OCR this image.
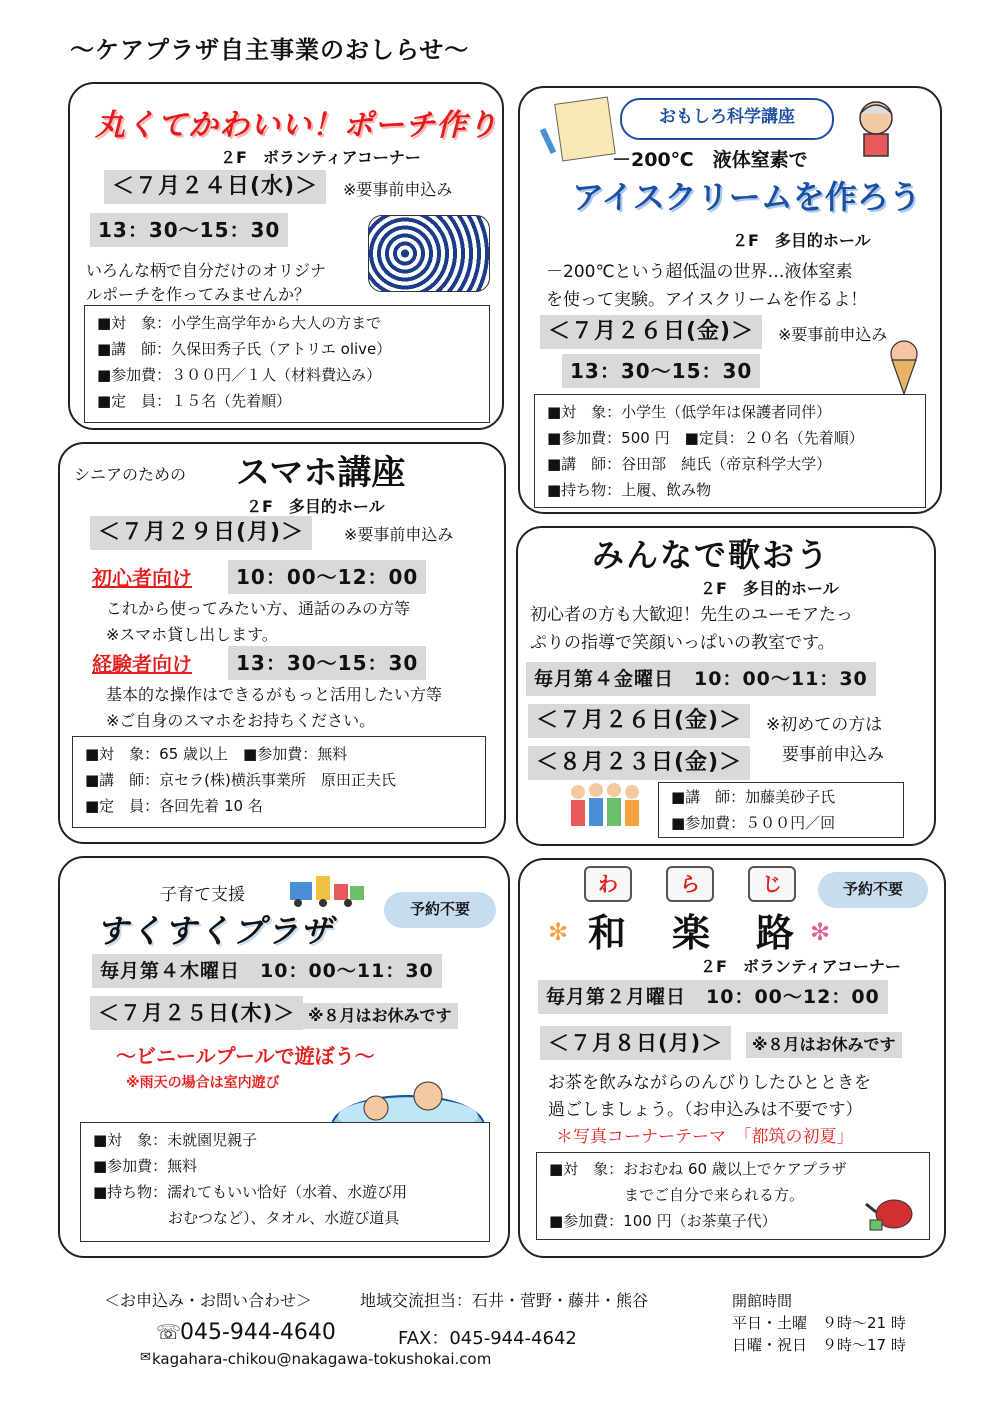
～ケアプラザ自主事業のおしらせ～
丸くてかわいい！ポーチ作り
２F　ボランティアコーナー
＜７月２４日(水)＞	※要事前申込み
13：30～15：30
いろんな柄で自分だけのオリジナ
ルポーチを作ってみませんか？
■対　象：小学生高学年から大人の方まで
■講　師：久保田秀子氏（アトリエ olive）
■参加費：３００円／１人（材料費込み）
■定　員：１５名（先着順）
おもしろ科学講座
－200℃　液体窒素で
アイスクリームを作ろう
２F　多目的ホール
－200℃という超低温の世界…液体窒素
を使って実験。アイスクリームを作るよ！
＜７月２６日(金)＞	※要事前申込み
13：30～15：30
■対　象：小学生（低学年は保護者同伴）
■参加費：500 円　■定員：２０名（先着順）
■講　師：谷田部　純氏（帝京科学大学）
■持ち物：上履、飲み物
シニアのための スマホ講座
２F　多目的ホール
＜７月２９日(月)＞	※要事前申込み
初心者向け	10：00～12：00
これから使ってみたい方、通話のみの方等
※スマホ貸し出します。
経験者向け	13：30～15：30
基本的な操作はできるがもっと活用したい方等
※ご自身のスマホをお持ちください。
■対　象：65 歳以上　■参加費：無料
■講　師：京セラ(株)横浜事業所　原田正夫氏
■定　員：各回先着 10 名
みんなで歌おう
２F　多目的ホール
初心者の方も大歓迎！先生のユーモアたっ
ぷりの指導で笑顔いっぱいの教室です。
毎月第４金曜日　10：00～11：30
＜７月２６日(金)＞
＜８月２３日(金)＞
※初めての方は
要事前申込み
■講　師：加藤美砂子氏
■参加費：５００円／回
子育て支援
予約不要
すくすくプラザ
毎月第４木曜日　10：00～11：30
＜７月２５日(木)＞ ※８月はお休みです
～ビニールプールで遊ぼう～
※雨天の場合は室内遊び
■対　象：未就園児親子
■参加費：無料
■持ち物：濡れてもいい恰好（水着、水遊び用
　　　　　おむつなど）、タオル、水遊び道具
わ	ら	じ	予約不要
✻ 和 楽 路 ✻
２F　ボランティアコーナー
毎月第２月曜日　10：00～12：00
＜７月８日(月)＞	※８月はお休みです
お茶を飲みながらのんびりしたひとときを
過ごしましょう。（お申込みは不要です）
＊写真コーナーテーマ　「都筑の初夏」
■対　象：おおむね 60 歳以上でケアプラザ
　　　　　までご自分で来られる方。
■参加費：100 円（お茶菓子代）
＜お申込み・お問い合わせ＞	地域交流担当：石井・菅野・藤井・熊谷
☏
045-944-4640	FAX：045-944-4642
✉ kagahara-chikou@nakagawa-tokushokai.com
開館時間
平日・土曜　９時～21 時
日曜・祝日　９時～17 時
